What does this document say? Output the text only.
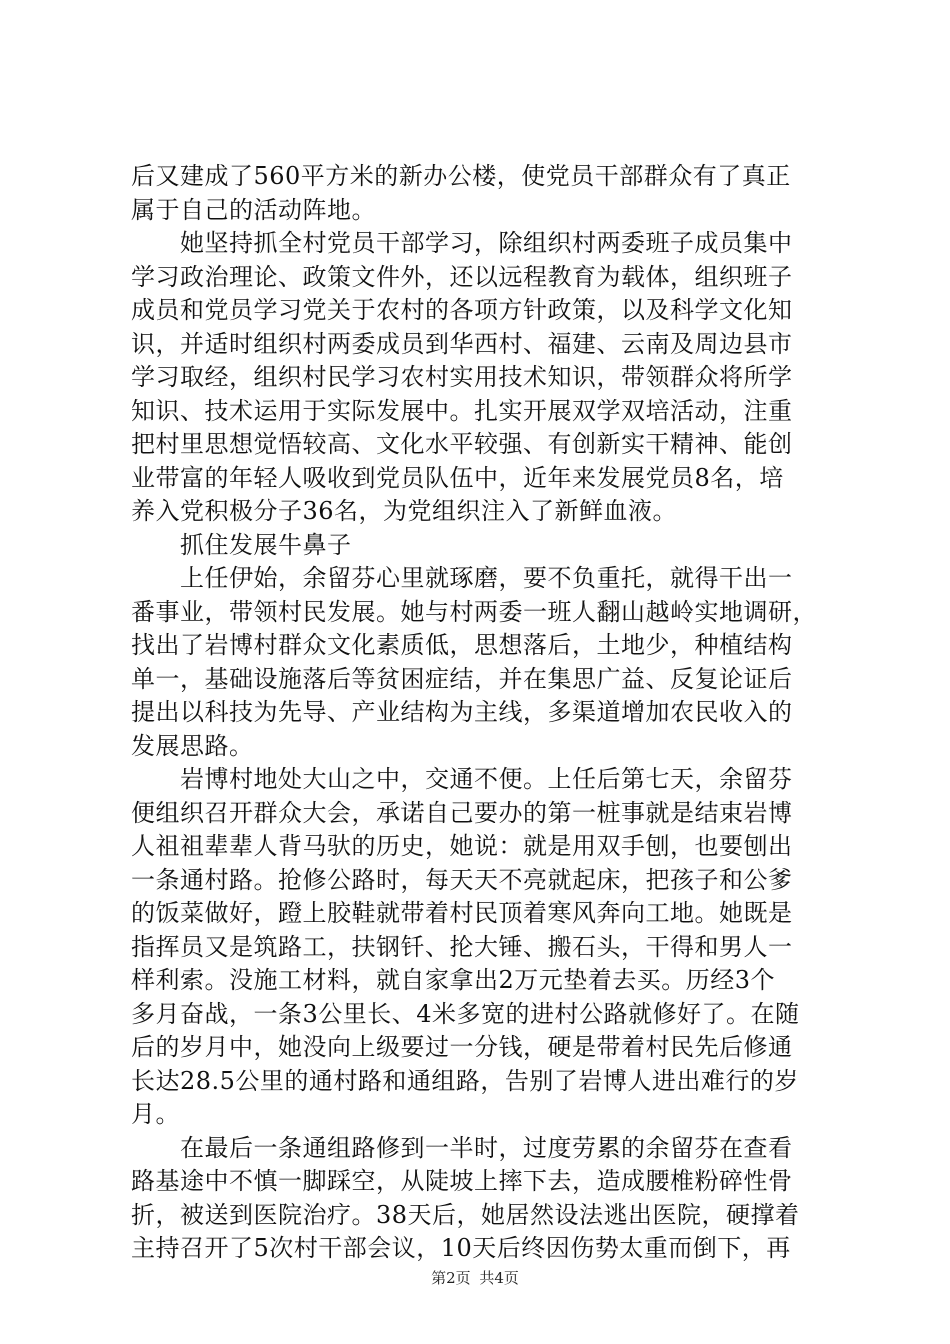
后又建成了560平方米的新办公楼，使党员干部群众有了真正
属于自己的活动阵地。
　　她坚持抓全村党员干部学习，除组织村两委班子成员集中
学习政治理论、政策文件外，还以远程教育为载体，组织班子
成员和党员学习党关于农村的各项方针政策，以及科学文化知
识，并适时组织村两委成员到华西村、福建、云南及周边县市
学习取经，组织村民学习农村实用技术知识，带领群众将所学
知识、技术运用于实际发展中。扎实开展双学双培活动，注重
把村里思想觉悟较高、文化水平较强、有创新实干精神、能创
业带富的年轻人吸收到党员队伍中，近年来发展党员8名，培
养入党积极分子36名，为党组织注入了新鲜血液。
　　抓住发展牛鼻子
　　上任伊始，余留芬心里就琢磨，要不负重托，就得干出一
番事业，带领村民发展。她与村两委一班人翻山越岭实地调研，
找出了岩博村群众文化素质低，思想落后，土地少，种植结构
单一，基础设施落后等贫困症结，并在集思广益、反复论证后
提出以科技为先导、产业结构为主线，多渠道增加农民收入的
发展思路。
　　岩博村地处大山之中，交通不便。上任后第七天，余留芬
便组织召开群众大会，承诺自己要办的第一桩事就是结束岩博
人祖祖辈辈人背马驮的历史，她说：就是用双手刨，也要刨出
一条通村路。抢修公路时，每天天不亮就起床，把孩子和公爹
的饭菜做好，蹬上胶鞋就带着村民顶着寒风奔向工地。她既是
指挥员又是筑路工，扶钢钎、抡大锤、搬石头，干得和男人一
样利索。没施工材料，就自家拿出2万元垫着去买。历经3个
多月奋战，一条3公里长、4米多宽的进村公路就修好了。在随
后的岁月中，她没向上级要过一分钱，硬是带着村民先后修通
长达28.5公里的通村路和通组路，告别了岩博人进出难行的岁
月。
　　在最后一条通组路修到一半时，过度劳累的余留芬在查看
路基途中不慎一脚踩空，从陡坡上摔下去，造成腰椎粉碎性骨
折，被送到医院治疗。38天后，她居然设法逃出医院，硬撑着
主持召开了5次村干部会议，10天后终因伤势太重而倒下，再
第2页 共4页
